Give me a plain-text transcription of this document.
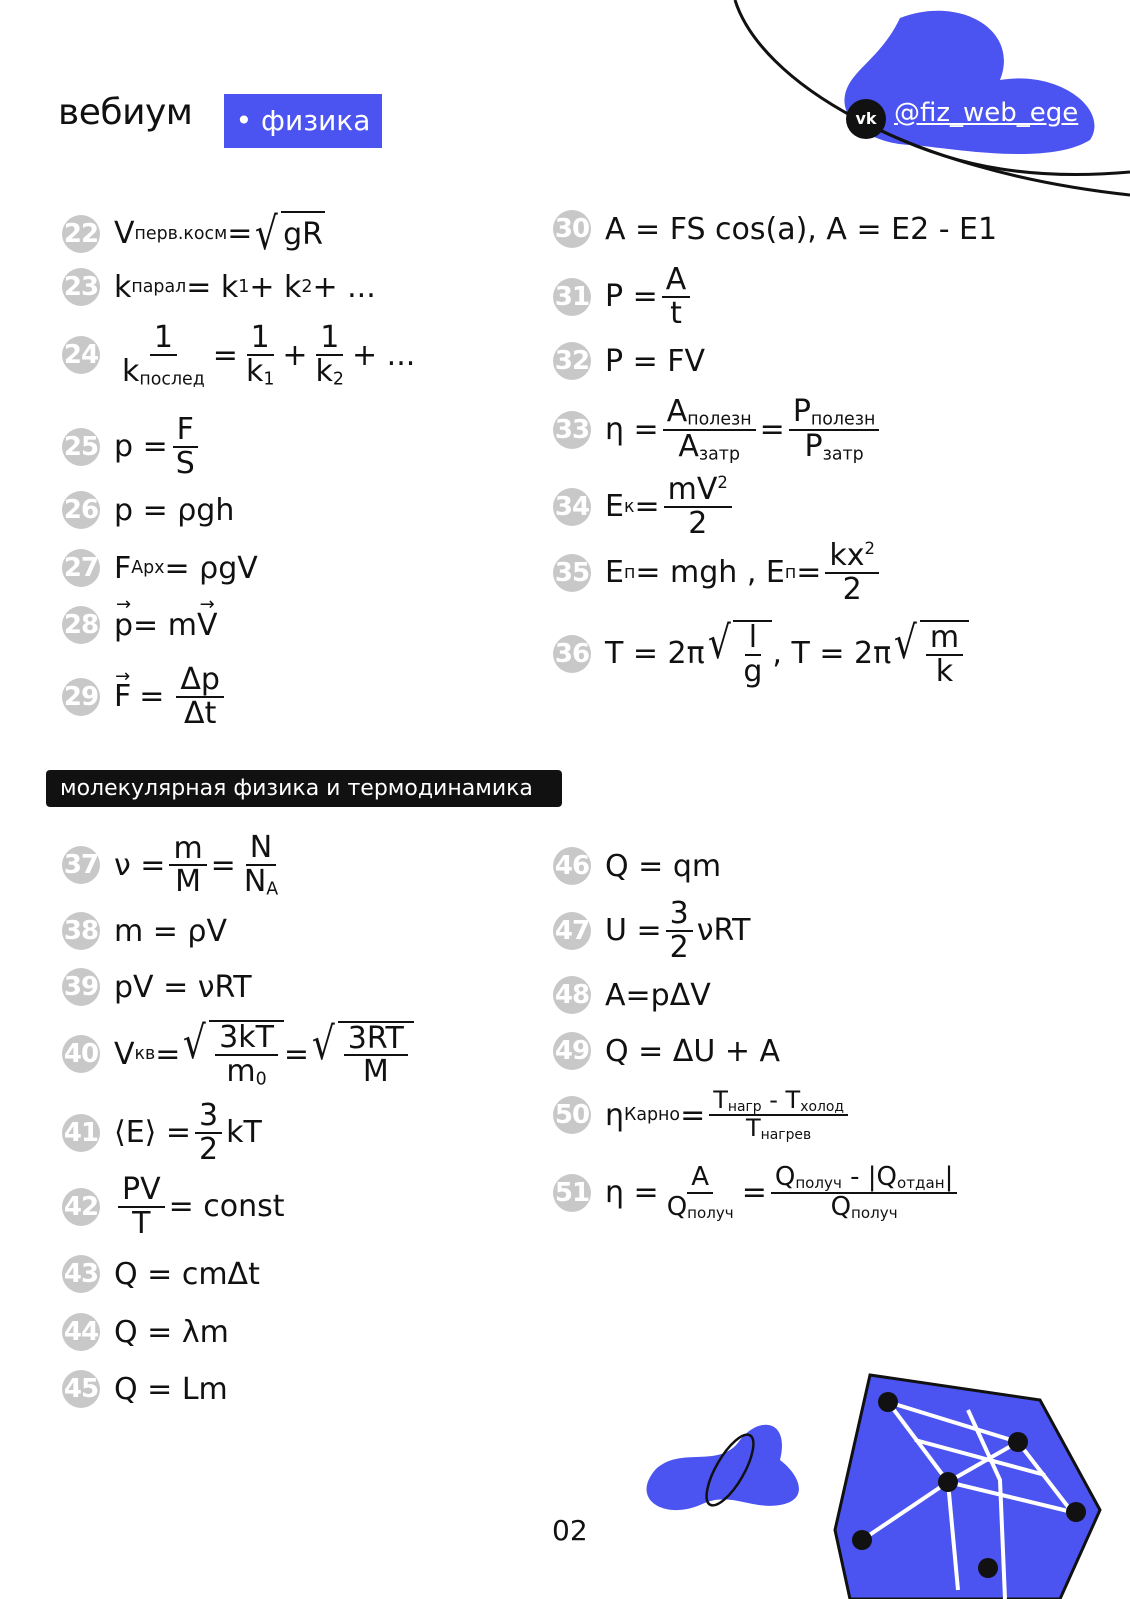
вебиум	• физика •
vk @fiz_web_ege
22 V перв.косм = √ gR
23 k парал = k 1 + k 2 + ...
$24 \frac{1}{k_{послед}} = \frac{1}{k_1} + \frac{1}{k_2}$ + ...
25 $p = \frac{F}{S}$
26 p = ρgh
27 F Apx = ρgV
28
→ p = m
→ V
29
→ $F = \frac{\Delta p}{\Delta t}$
30 A = FS cos(a), A = E2 - E1
31 $P = \frac{A}{t}$
32 P = FV
33 $\eta = \frac{A_{полезн}}{A_{затр}} = \frac{P_{полезн}}{P_{затр}}$
34 E $к = \frac{mV^2}{2}$
35 E п = mgh , E $п = \frac{kx^2}{2}$
36 T = 2π √ $\frac{l}{g}$ , T = 2π √ $\frac{m}{k}$
молекулярная физика и термодинамика
37 $\nu = \frac{m}{M} = \frac{N}{N_A}$
38 m = ρV
39 pV = νRT
40 V кв = √ $\frac{3kT}{m_0}$ = √ $\frac{3RT}{M}$
41 ⟨E⟩ = $\frac{3}{2}$ kT
$42 \frac{PV}{T}$ = const
43 Q = cmΔt
44 Q = λm
45 Q = Lm
46 Q = qm
47 $U = \frac{3}{2}$ νRT
48 A=pΔV
49 Q = ΔU + A
50 η Карно = $\frac{T_{нагр} - T_{холод}}{T_{нагрев}}$
51 $\eta = \frac{A}{Q_{получ}} = \frac{Q_{получ} - |Q_{отдан}|}{Q_{получ}}$
02
